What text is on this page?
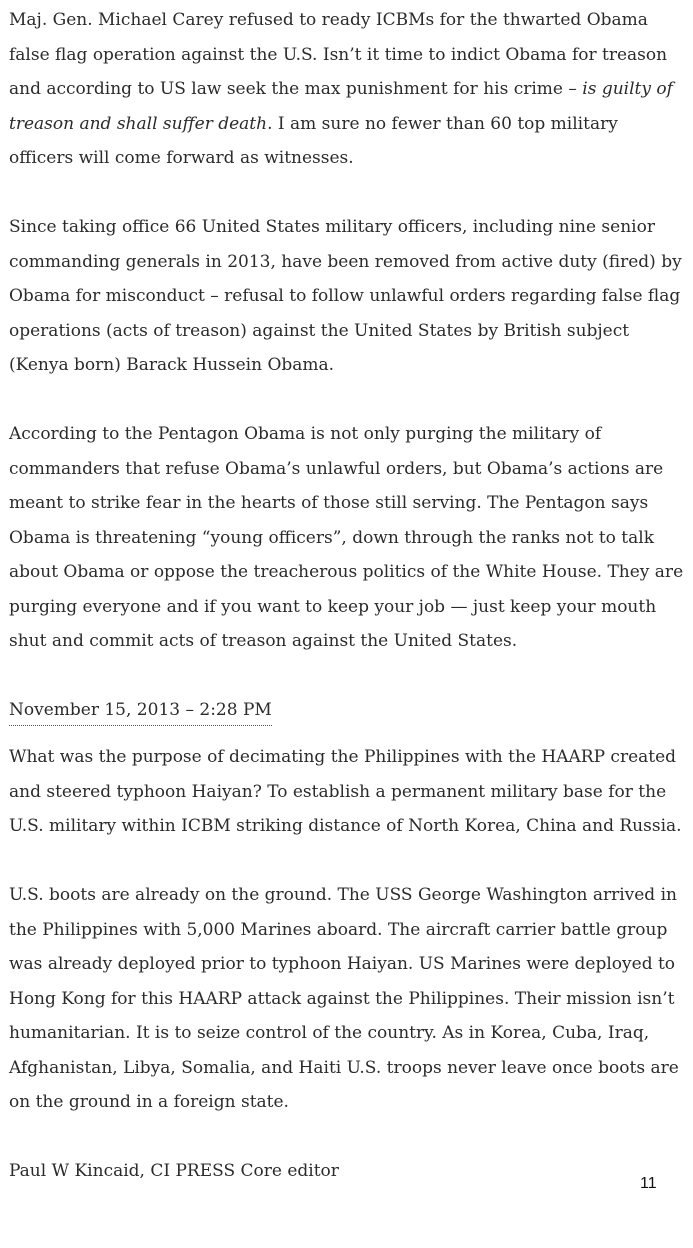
Maj. Gen. Michael Carey refused to ready ICBMs for the thwarted Obama false flag operation against the U.S. Isn’t it time to indict Obama for treason and according to US law seek the max punishment for his crime – is guilty of treason and shall suffer death. I am sure no fewer than 60 top military officers will come forward as witnesses.

Since taking office 66 United States military officers, including nine senior commanding generals in 2013, have been removed from active duty (fired) by Obama for misconduct – refusal to follow unlawful orders regarding false flag operations (acts of treason) against the United States by British subject (Kenya born) Barack Hussein Obama.

According to the Pentagon Obama is not only purging the military of commanders that refuse Obama’s unlawful orders, but Obama’s actions are meant to strike fear in the hearts of those still serving. The Pentagon says Obama is threatening “young officers”, down through the ranks not to talk about Obama or oppose the treacherous politics of the White House. They are purging everyone and if you want to keep your job — just keep your mouth shut and commit acts of treason against the United States.

November 15, 2013 – 2:28 PM

What was the purpose of decimating the Philippines with the HAARP created and steered typhoon Haiyan? To establish a permanent military base for the U.S. military within ICBM striking distance of North Korea, China and Russia.

U.S. boots are already on the ground. The USS George Washington arrived in the Philippines with 5,000 Marines aboard. The aircraft carrier battle group was already deployed prior to typhoon Haiyan. US Marines were deployed to Hong Kong for this HAARP attack against the Philippines. Their mission isn’t humanitarian. It is to seize control of the country. As in Korea, Cuba, Iraq, Afghanistan, Libya, Somalia, and Haiti U.S. troops never leave once boots are on the ground in a foreign state.

Paul W Kincaid, CI PRESS Core editor

11
